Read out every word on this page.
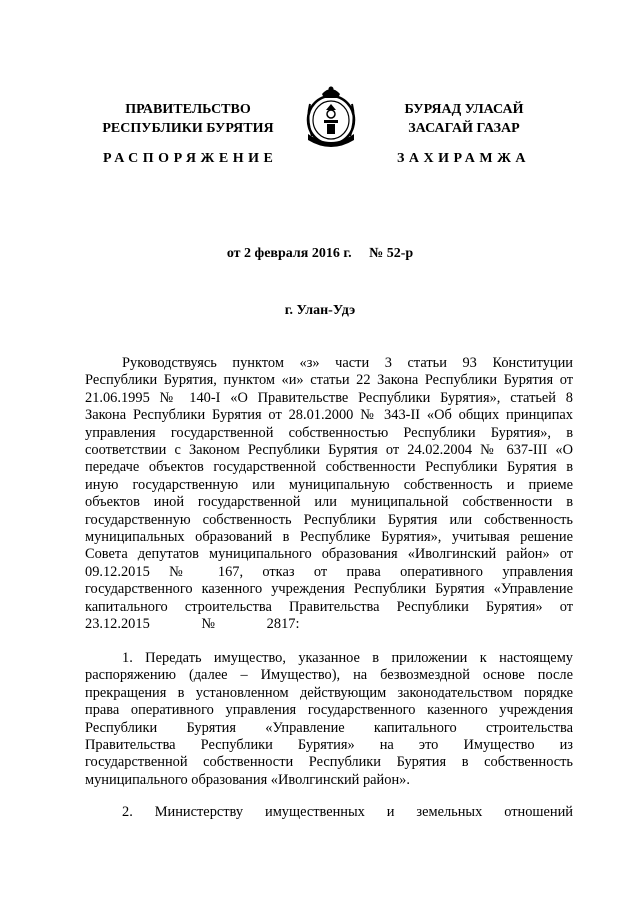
ПРАВИТЕЛЬСТВО
РЕСПУБЛИКИ БУРЯТИЯ
РАСПОРЯЖЕНИЕ
БУРЯАД УЛАСАЙ
ЗАСАГАЙ ГАЗАР
ЗАХИРАМЖА
от 2 февраля 2016 г. № 52-р
г. Улан-Удэ
Руководствуясь пунктом «з» части 3 статьи 93 Конституции
Республики Бурятия, пунктом «и» статьи 22 Закона Республики Бурятия от
21.06.1995 № 140-I «О Правительстве Республики Бурятия», статьей 8
Закона Республики Бурятия от 28.01.2000 № 343-II «Об общих принципах
управления государственной собственностью Республики Бурятия», в
соответствии с Законом Республики Бурятия от 24.02.2004 № 637-III «О
передаче объектов государственной собственности Республики Бурятия в
иную государственную или муниципальную собственность и приеме
объектов иной государственной или муниципальной собственности в
государственную собственность Республики Бурятия или собственность
муниципальных образований в Республике Бурятия», учитывая решение
Совета депутатов муниципального образования «Иволгинский район» от
09.12.2015 № 167, отказ от права оперативного управления
государственного казенного учреждения Республики Бурятия «Управление
капитального строительства Правительства Республики Бурятия» от
23.12.2015 № 2817:
1. Передать имущество, указанное в приложении к настоящему
распоряжению (далее – Имущество), на безвозмездной основе после
прекращения в установленном действующим законодательством порядке
права оперативного управления государственного казенного учреждения
Республики Бурятия «Управление капитального строительства
Правительства Республики Бурятия» на это Имущество из
государственной собственности Республики Бурятия в собственность
муниципального образования «Иволгинский район».
2. Министерству имущественных и земельных отношений
